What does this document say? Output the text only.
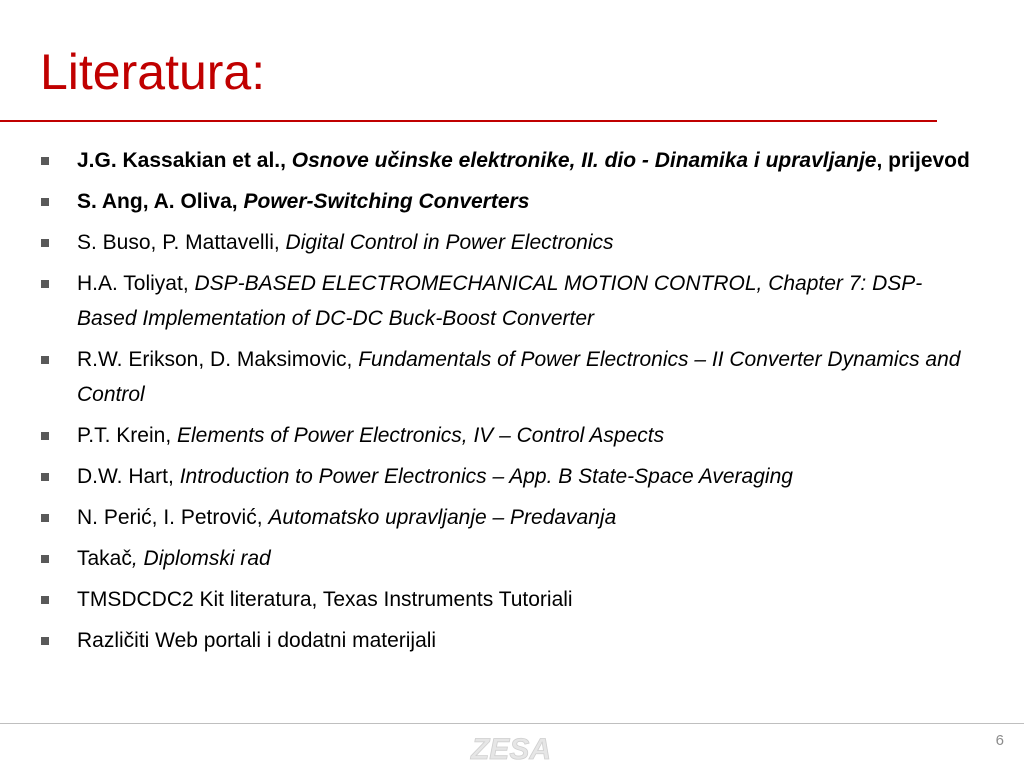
Literatura:
J.G. Kassakian et al., Osnove učinske elektronike, II. dio - Dinamika i upravljanje, prijevod
S. Ang, A. Oliva, Power-Switching Converters
S. Buso, P. Mattavelli, Digital Control in Power Electronics
H.A. Toliyat, DSP-BASED ELECTROMECHANICAL MOTION CONTROL, Chapter 7: DSP-Based Implementation of DC-DC Buck-Boost Converter
R.W. Erikson, D. Maksimovic, Fundamentals of Power Electronics – II Converter Dynamics and Control
P.T. Krein, Elements of Power Electronics, IV – Control Aspects
D.W. Hart, Introduction to Power Electronics – App. B State-Space Averaging
N. Perić, I. Petrović, Automatsko upravljanje – Predavanja
Takač, Diplomski rad
TMSDCDC2 Kit literatura, Texas Instruments Tutoriali
Različiti Web portali i dodatni materijali
ZESA	6
